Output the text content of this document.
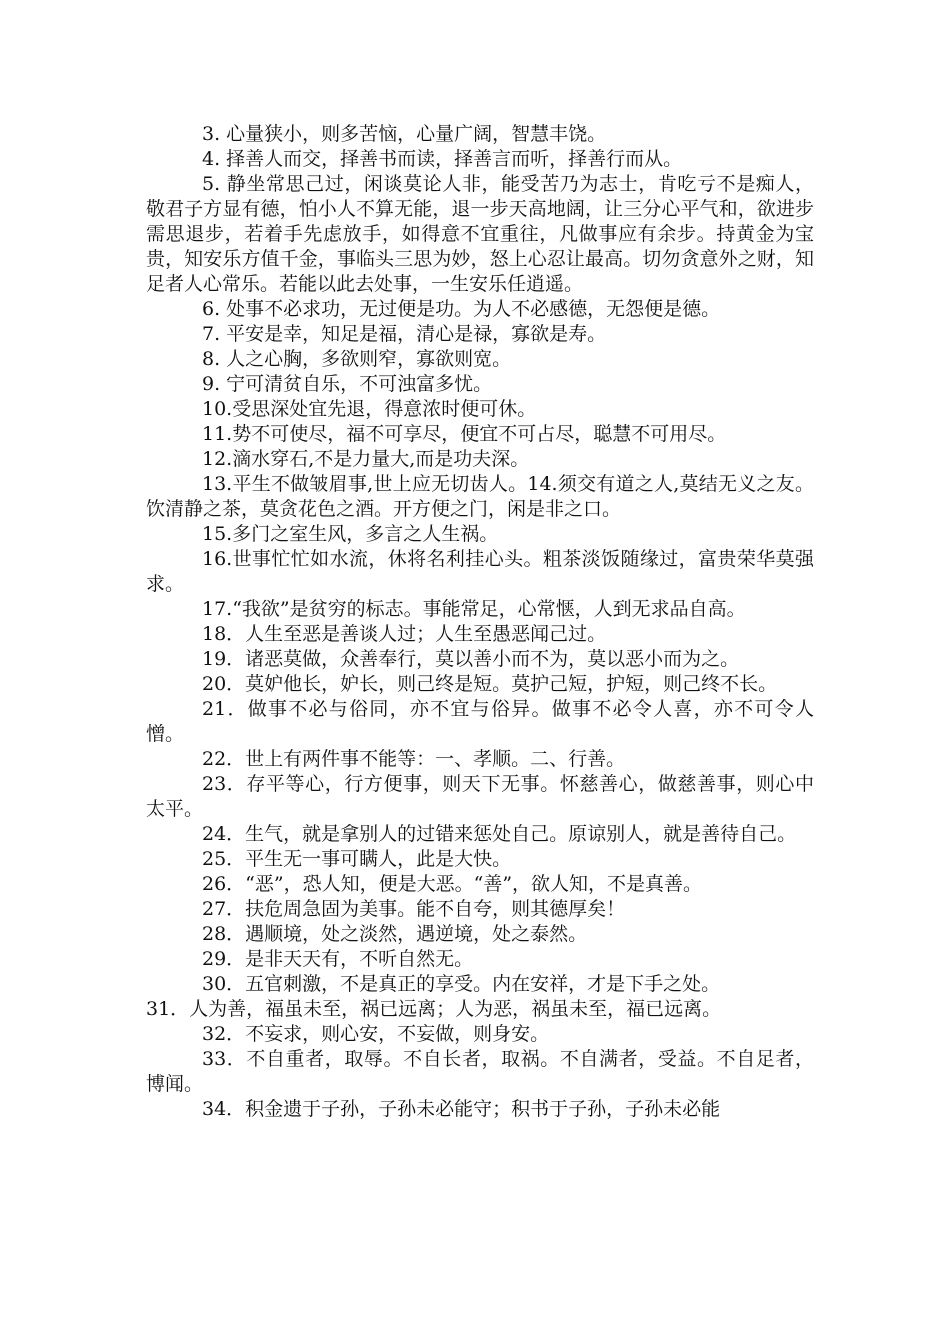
3. 心量狭小，则多苦恼，心量广阔，智慧丰饶。

4. 择善人而交，择善书而读，择善言而听，择善行而从。

5. 静坐常思己过，闲谈莫论人非，能受苦乃为志士，肯吃亏不是痴人，敬君子方显有德，怕小人不算无能，退一步天高地阔，让三分心平气和，欲进步需思退步，若着手先虑放手，如得意不宜重往，凡做事应有余步。持黄金为宝贵，知安乐方值千金，事临头三思为妙，怒上心忍让最高。切勿贪意外之财，知足者人心常乐。若能以此去处事，一生安乐任逍遥。

6. 处事不必求功，无过便是功。为人不必感德，无怨便是德。

7. 平安是幸，知足是福，清心是禄，寡欲是寿。

8. 人之心胸，多欲则窄，寡欲则宽。

9. 宁可清贫自乐，不可浊富多忧。

10.受思深处宜先退，得意浓时便可休。

11.势不可使尽，福不可享尽，便宜不可占尽，聪慧不可用尽。

12.滴水穿石,不是力量大,而是功夫深。

13.平生不做皱眉事,世上应无切齿人。14.须交有道之人,莫结无义之友。饮清静之茶，莫贪花色之酒。开方便之门，闲是非之口。

15.多门之室生风，多言之人生祸。

16.世事忙忙如水流，休将名利挂心头。粗茶淡饭随缘过，富贵荣华莫强求。

17.“我欲”是贫穷的标志。事能常足，心常惬，人到无求品自高。

18．人生至恶是善谈人过；人生至愚恶闻己过。

19．诸恶莫做，众善奉行，莫以善小而不为，莫以恶小而为之。

20．莫妒他长，妒长，则己终是短。莫护己短，护短，则己终不长。

21．做事不必与俗同，亦不宜与俗异。做事不必令人喜，亦不可令人憎。

22．世上有两件事不能等：一、孝顺。二、行善。

23．存平等心，行方便事，则天下无事。怀慈善心，做慈善事，则心中太平。

24．生气，就是拿别人的过错来惩处自己。原谅别人，就是善待自己。

25．平生无一事可瞒人，此是大快。

26．“恶”，恐人知，便是大恶。“善”，欲人知，不是真善。

27．扶危周急固为美事。能不自夸，则其德厚矣！

28．遇顺境，处之淡然，遇逆境，处之泰然。

29．是非天天有，不听自然无。

30．五官刺激，不是真正的享受。内在安祥，才是下手之处。

31．人为善，福虽未至，祸已远离；人为恶，祸虽未至，福已远离。

32．不妄求，则心安，不妄做，则身安。

33．不自重者，取辱。不自长者，取祸。不自满者，受益。不自足者，博闻。

34．积金遗于子孙，子孙未必能守；积书于子孙，子孙未必能
